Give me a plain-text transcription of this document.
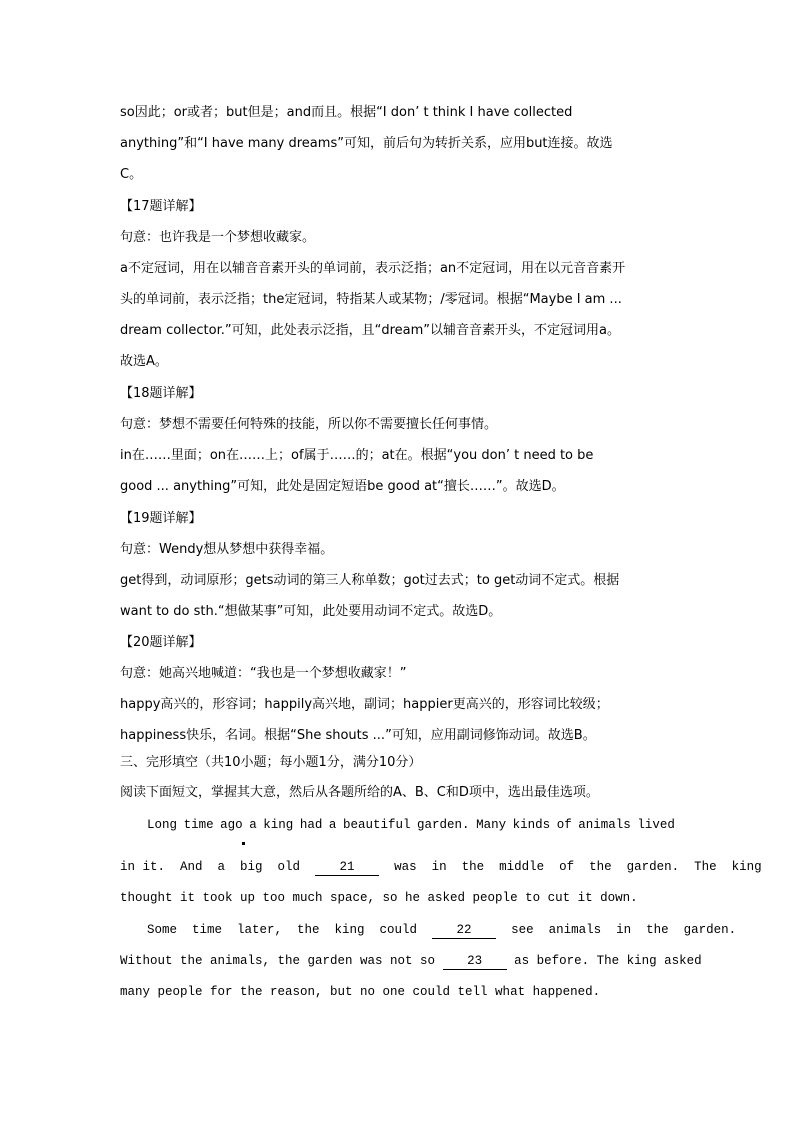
so因此；or或者；but但是；and而且。根据“I don’ t think I have collected
anything”和“I have many dreams”可知，前后句为转折关系，应用but连接。故选
C。
【17题详解】
句意：也许我是一个梦想收藏家。
a不定冠词，用在以辅音音素开头的单词前，表示泛指；an不定冠词，用在以元音音素开
头的单词前，表示泛指；the定冠词，特指某人或某物；/零冠词。根据“Maybe I am ...
dream collector.”可知，此处表示泛指，且“dream”以辅音音素开头，不定冠词用a。
故选A。
【18题详解】
句意：梦想不需要任何特殊的技能，所以你不需要擅长任何事情。
in在……里面；on在……上；of属于……的；at在。根据“you don’ t need to be
good ... anything”可知，此处是固定短语be good at“擅长……”。故选D。
【19题详解】
句意：Wendy想从梦想中获得幸福。
get得到，动词原形；gets动词的第三人称单数；got过去式；to get动词不定式。根据
want to do sth.“想做某事”可知，此处要用动词不定式。故选D。
【20题详解】
句意：她高兴地喊道：“我也是一个梦想收藏家！”
happy高兴的，形容词；happily高兴地，副词；happier更高兴的，形容词比较级；
happiness快乐，名词。根据“She shouts ...”可知，应用副词修饰动词。故选B。
三、完形填空（共10小题；每小题1分，满分10分）
阅读下面短文，掌握其大意，然后从各题所给的A、B、C和D项中，选出最佳选项。
Long time ago a king had a beautiful garden. Many kinds of animals lived
in it.  And  a  big  old	21	was  in  the  middle  of  the  garden.  The  king
thought it took up too much space, so he asked people to cut it down.
Some  time  later,  the  king  could	22	see  animals  in  the  garden.
Without the animals, the garden was not so	23	as before. The king asked
many people for the reason, but no one could tell what happened.
